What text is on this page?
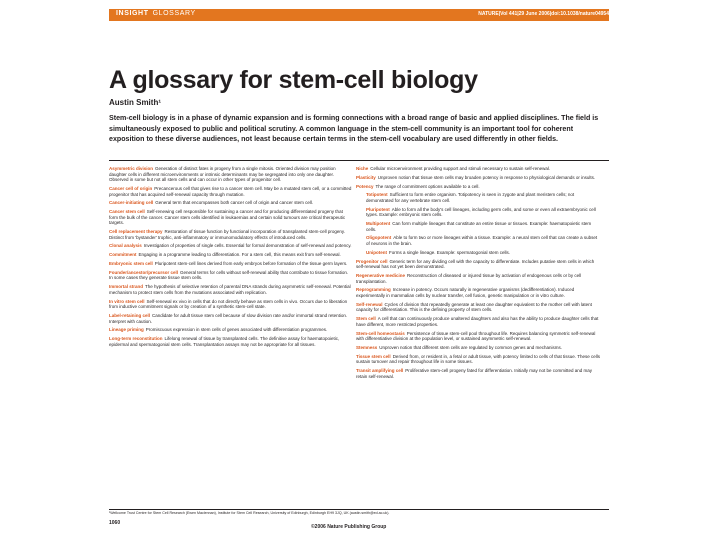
INSIGHT GLOSSARY	NATURE|Vol 441|29 June 2006|doi:10.1038/nature04954
A glossary for stem-cell biology
Austin Smith¹
Stem-cell biology is in a phase of dynamic expansion and is forming connections with a broad range of basic and applied disciplines. The field is simultaneously exposed to public and political scrutiny. A common language in the stem-cell community is an important tool for coherent exposition to these diverse audiences, not least because certain terms in the stem-cell vocabulary are used differently in other fields.
Asymmetric division Generation of distinct fates in progeny from a single mitosis. Oriented division may position daughter cells in different microenvironments or intrinsic determinants may be segregated into only one daughter. Observed in some but not all stem cells and can occur in other types of progenitor cell.
Cancer cell of origin Precancerous cell that gives rise to a cancer stem cell. May be a mutated stem cell, or a committed progenitor that has acquired self-renewal capacity through mutation.
Cancer-initiating cell General term that encompasses both cancer cell of origin and cancer stem cell.
Cancer stem cell Self-renewing cell responsible for sustaining a cancer and for producing differentiated progeny that form the bulk of the cancer. Cancer stem cells identified in leukaemias and certain solid tumours are critical therapeutic targets.
Cell replacement therapy Restoration of tissue function by functional incorporation of transplanted stem-cell progeny. Distinct from 'bystander' trophic, anti-inflammatory or immunomodulatory effects of introduced cells.
Clonal analysis Investigation of properties of single cells. Essential for formal demonstration of self-renewal and potency.
Commitment Engaging in a programme leading to differentiation. For a stem cell, this means exit from self-renewal.
Embryonic stem cell Pluripotent stem-cell lines derived from early embryos before formation of the tissue germ layers.
Founder/ancestor/precursor cell General terms for cells without self-renewal ability that contribute to tissue formation. In some cases they generate tissue stem cells.
Immortal strand The hypothesis of selective retention of parental DNA strands during asymmetric self-renewal. Potential mechanism to protect stem cells from the mutations associated with replication.
In vitro stem cell Self-renewal ex vivo in cells that do not directly behave as stem cells in vivo. Occurs due to liberation from inductive commitment signals or by creation of a synthetic stem-cell state.
Label-retaining cell Candidate for adult tissue stem cell because of slow division rate and/or immortal strand retention. Interpret with caution.
Lineage priming Promiscuous expression in stem cells of genes associated with differentiation programmes.
Long-term reconstitution Lifelong renewal of tissue by transplanted cells. The definitive assay for haematopoietic, epidermal and spermatogonial stem cells. Transplantation assays may not be appropriate for all tissues.
Niche Cellular microenvironment providing support and stimuli necessary to sustain self-renewal.
Plasticity Unproven notion that tissue stem cells may broaden potency in response to physiological demands or insults.
Potency The range of commitment options available to a cell.
Totipotent Sufficient to form entire organism. Totipotency is seen in zygote and plant meristem cells; not demonstrated for any vertebrate stem cell.
Pluripotent Able to form all the body's cell lineages, including germ cells, and some or even all extraembryonic cell types. Example: embryonic stem cells.
Multipotent Can form multiple lineages that constitute an entire tissue or tissues. Example: haematopoietic stem cells.
Oligopotent Able to form two or more lineages within a tissue. Example: a neural stem cell that can create a subset of neurons in the brain.
Unipotent Forms a single lineage. Example: spermatogonial stem cells.
Progenitor cell Generic term for any dividing cell with the capacity to differentiate. Includes putative stem cells in which self-renewal has not yet been demonstrated.
Regenerative medicine Reconstruction of diseased or injured tissue by activation of endogenous cells or by cell transplantation.
Reprogramming Increase in potency. Occurs naturally in regenerative organisms (dedifferentiation). Induced experimentally in mammalian cells by nuclear transfer, cell fusion, genetic manipulation or in vitro culture.
Self-renewal Cycles of division that repeatedly generate at least one daughter equivalent to the mother cell with latent capacity for differentiation. This is the defining property of stem cells.
Stem cell A cell that can continuously produce unaltered daughters and also has the ability to produce daughter cells that have different, more restricted properties.
Stem-cell homeostasis Persistence of tissue stem-cell pool throughout life. Requires balancing symmetric self-renewal with differentiative division at the population level, or sustained asymmetric self-renewal.
Stemness Unproven notion that different stem cells are regulated by common genes and mechanisms.
Tissue stem cell Derived from, or resident in, a fetal or adult tissue, with potency limited to cells of that tissue. These cells sustain turnover and repair throughout life in some tissues.
Transit amplifying cell Proliferative stem-cell progeny fated for differentiation. Initially may not be committed and may retain self-renewal.
¹Wellcome Trust Centre for Stem Cell Research (Ewen Maclennan), Institute for Stem Cell Research, University of Edinburgh, Edinburgh EH9 3JQ, UK (austin.smith@ed.ac.uk).
1060
©2006 Nature Publishing Group
